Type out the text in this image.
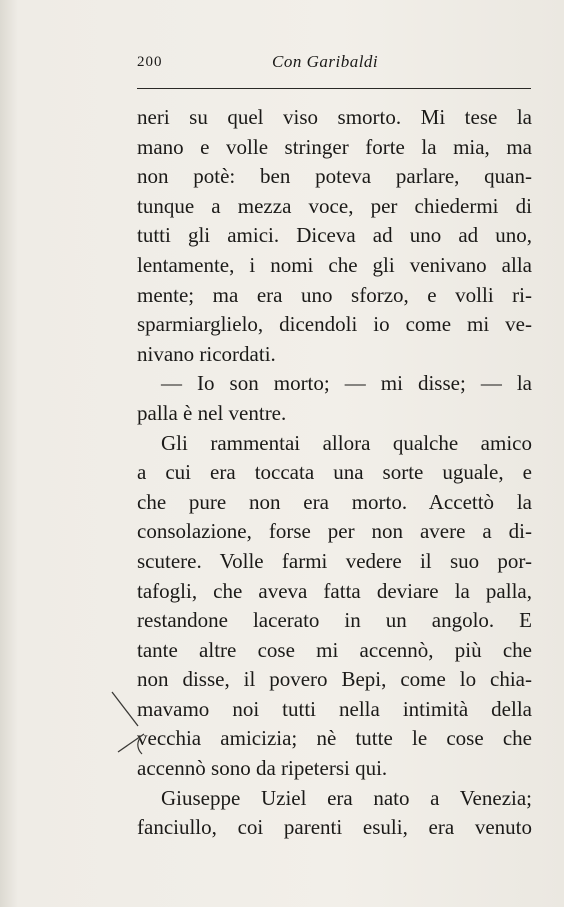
200	Con Garibaldi
neri su quel viso smorto. Mi tese la
mano e volle stringer forte la mia, ma
non potè: ben poteva parlare, quan-
tunque a mezza voce, per chiedermi di
tutti gli amici. Diceva ad uno ad uno,
lentamente, i nomi che gli venivano alla
mente; ma era uno sforzo, e volli ri-
sparmiarglielo, dicendoli io come mi ve-
nivano ricordati.
— Io son morto; — mi disse; — la
palla è nel ventre.
Gli rammentai allora qualche amico
a cui era toccata una sorte uguale, e
che pure non era morto. Accettò la
consolazione, forse per non avere a di-
scutere. Volle farmi vedere il suo por-
tafogli, che aveva fatta deviare la palla,
restandone lacerato in un angolo. E
tante altre cose mi accennò, più che
non disse, il povero Bepi, come lo chia-
mavamo noi tutti nella intimità della
vecchia amicizia; nè tutte le cose che
accennò sono da ripetersi qui.
Giuseppe Uziel era nato a Venezia;
fanciullo, coi parenti esuli, era venuto
